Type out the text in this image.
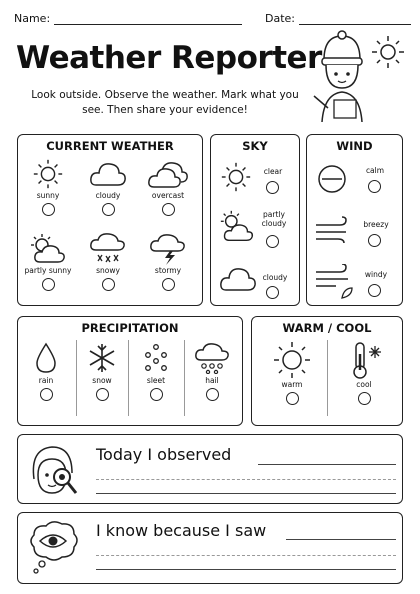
Name:	Date:
Weather Reporter
Look outside. Observe the weather. Mark what you see. Then share your evidence!
CURRENT WEATHER	SKY	WIND
PRECIPITATION	WARM / COOL
sunny	cloudy	overcast
partly sunny	snowy	stormy
clear
partly cloudy
cloudy
calm
breezy
windy
rain	snow	sleet	hail	warm	cool
Today I observed
I know because I saw
